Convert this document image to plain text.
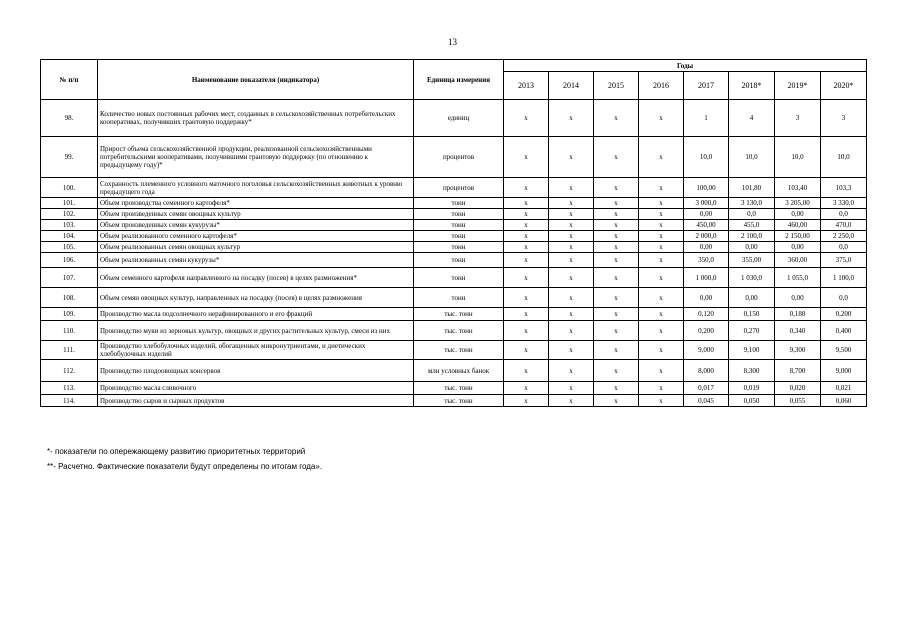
13
№ п/п	Наименование показателя (индикатора)	Единица измерения	Годы							
			2013	2014	2015	2016	2017	2018*	2019*	2020*
98.	Количество новых постоянных рабочих мест, созданных в сельскохозяйственных потребительских кооперативах, получивших грантовую поддержку*	единиц	x	x	x	x	1	4	3	3
99.	Прирост объема сельскохозяйственной продукции, реализованной сельскохозяйственными потребительскими кооперативами, получившими грантовую поддержку (по отношению к предыдущему году)*	процентов	x	x	x	x	10,0	10,0	10,0	10,0
100.	Сохранность племенного условного маточного поголовья сельскохозяйственных животных к уровню предыдущего года	процентов	x	x	x	x	100,00	101,80	103,40	103,3
101.	Объем производства семенного картофеля*	тонн	x	x	x	x	3 000,0	3 130,0	3 205,00	3 330,0
102.	Объем произведенных семян овощных культур	тонн	x	x	x	x	0,00	0,0	0,00	0,0
103.	Объем произведенных семян кукурузы*	тонн	x	x	x	x	450,00	455,0	460,00	470,0
104.	Объем реализованного семенного картофеля*	тонн	x	x	x	x	2 000,0	2 100,0	2 150,00	2 250,0
105.	Объем реализованных семян овощных культур	тонн	x	x	x	x	0,00	0,00	0,00	0,0
106.	Объем реализованных семян кукурузы*	тонн	x	x	x	x	350,0	355,00	360,00	375,0
107.	Объем семенного картофеля направленного на посадку (посев) в целях размножения*	тонн	x	x	x	x	1 000,0	1 030,0	1 055,0	1 100,0
108.	Объем семян овощных культур, направленных на посадку (посев) в целях размножения	тонн	x	x	x	x	0,00	0,00	0,00	0,0
109.	Производство масла подсолнечного нерафинированного и его фракций	тыс. тонн	x	x	x	x	0,120	0,150	0,180	0,200
110.	Производство муки из зерновых культур, овощных и других растительных культур, смеси из них	тыс. тонн	x	x	x	x	0,200	0,270	0,340	0,400
111.	Производство хлебобулочных изделий, обогащенных микронутриентами, и диетических хлебобулочных изделий	тыс. тонн	x	x	x	x	9,000	9,100	9,300	9,500
112.	Производство плодоовощных консервов	млн условных банок	x	x	x	x	8,000	8,300	8,700	9,000
113.	Производство масла сливочного	тыс. тонн	x	x	x	x	0,017	0,019	0,020	0,021
114.	Производство сыров и сырных продуктов	тыс. тонн	x	x	x	x	0,045	0,050	0,055	0,060
*- показатели по опережающему развитию приоритетных территорий
**- Расчетно. Фактические показатели будут определены по итогам года».
